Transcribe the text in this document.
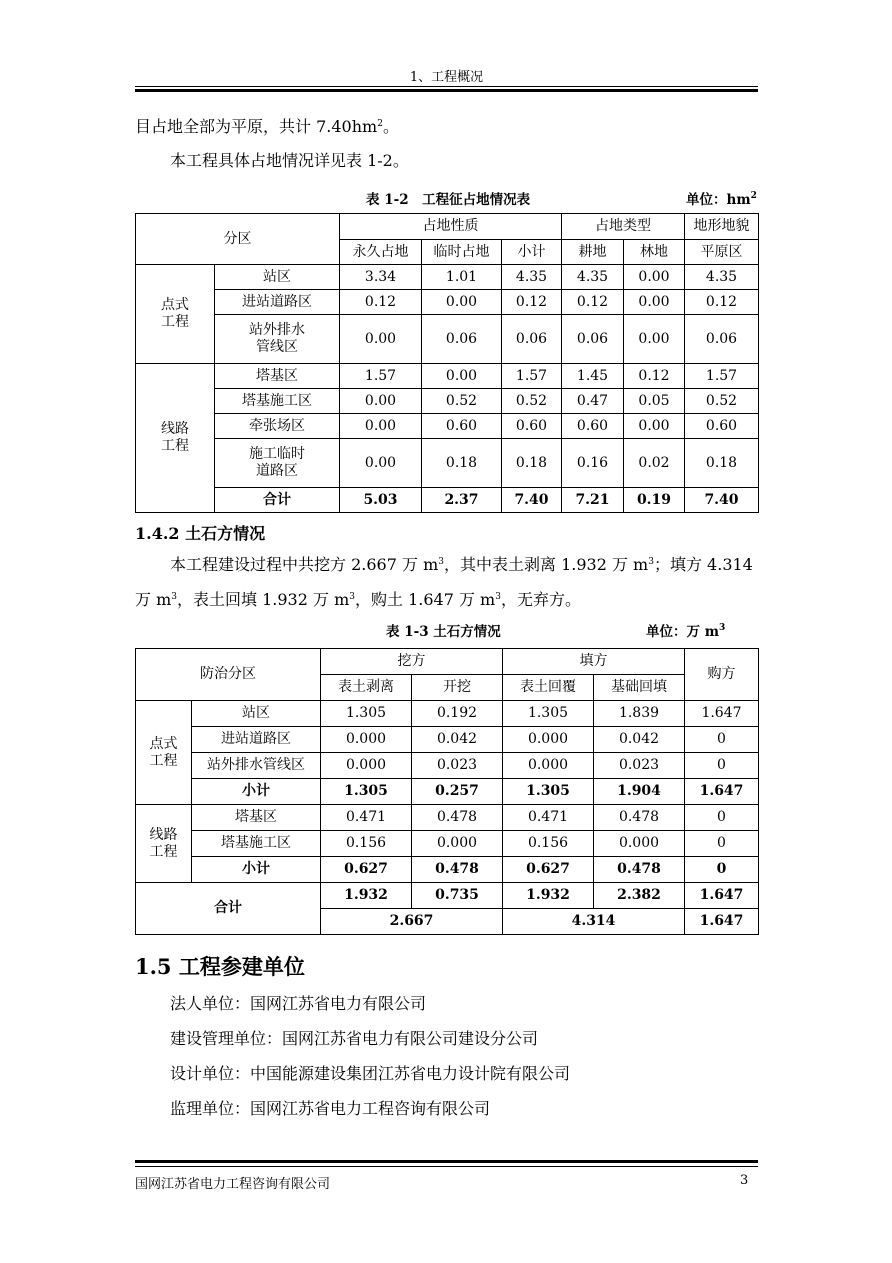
1、工程概况
目占地全部为平原，共计 $7.40hm^2$。
本工程具体占地情况详见表 1-2。
表 1-2　工程征占地情况表	单位：$hm^2$
分区		占地性质			占地类型		地形地貌
		永久占地	临时占地	小计	耕地	林地	平原区
点式
工程	站区	3.34	1.01	4.35	4.35	0.00	4.35
	进站道路区	0.12	0.00	0.12	0.12	0.00	0.12
	站外排水
管线区	0.00	0.06	0.06	0.06	0.00	0.06
线路
工程	塔基区	1.57	0.00	1.57	1.45	0.12	1.57
	塔基施工区	0.00	0.52	0.52	0.47	0.05	0.52
	牵张场区	0.00	0.60	0.60	0.60	0.00	0.60
	施工临时
道路区	0.00	0.18	0.18	0.16	0.02	0.18
	合计	5.03	2.37	7.40	7.21	0.19	7.40
1.4.2 土石方情况
本工程建设过程中共挖方 2.667 万 $m^3$，其中表土剥离 1.932 万 $m^3$；填方 4.314
万 $m^3$，表土回填 1.932 万 $m^3$，购土 1.647 万 $m^3$，无弃方。
表 1-3 土石方情况	单位：万 $m^3$
防治分区		挖方		填方		购方
		表土剥离	开挖	表土回覆	基础回填	
点式
工程	站区	1.305	0.192	1.305	1.839	1.647
	进站道路区	0.000	0.042	0.000	0.042	0
	站外排水管线区	0.000	0.023	0.000	0.023	0
	小计	1.305	0.257	1.305	1.904	1.647
线路
工程	塔基区	0.471	0.478	0.471	0.478	0
	塔基施工区	0.156	0.000	0.156	0.000	0
	小计	0.627	0.478	0.627	0.478	0
合计		1.932	0.735	1.932	2.382	1.647
		2.667		4.314		1.647
1.5 工程参建单位
法人单位：国网江苏省电力有限公司
建设管理单位：国网江苏省电力有限公司建设分公司
设计单位：中国能源建设集团江苏省电力设计院有限公司
监理单位：国网江苏省电力工程咨询有限公司
国网江苏省电力工程咨询有限公司	3
